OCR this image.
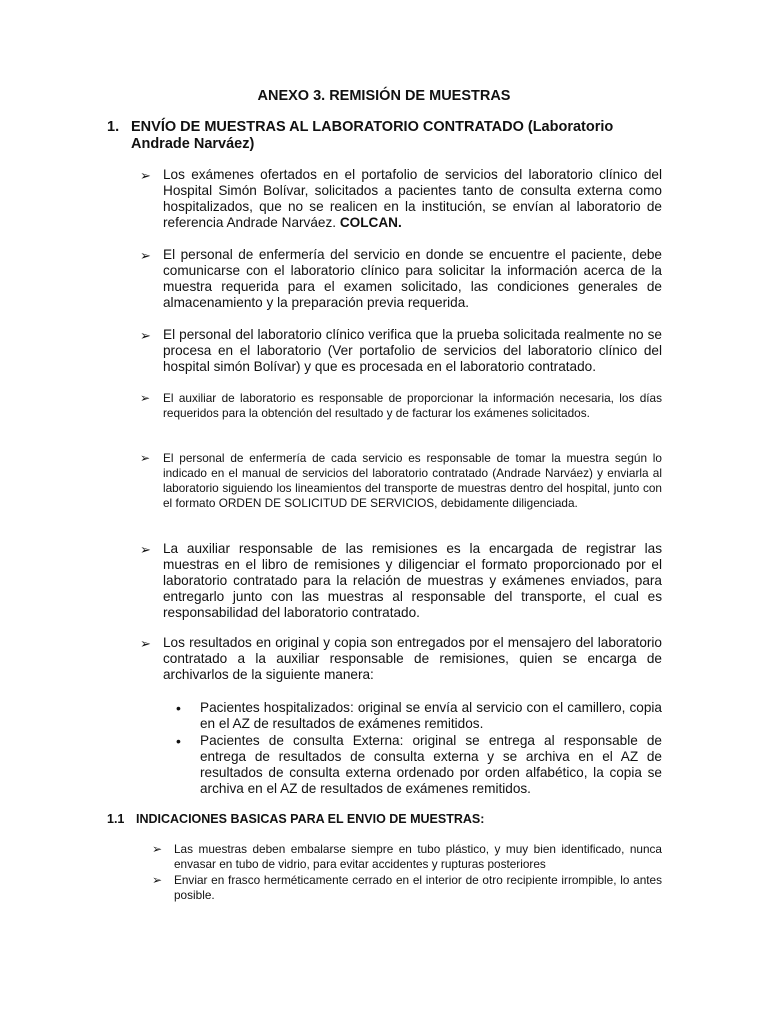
ANEXO 3. REMISIÓN DE MUESTRAS
1. ENVÍO DE MUESTRAS AL LABORATORIO CONTRATADO (Laboratorio Andrade Narváez)
➢ Los exámenes ofertados en el portafolio de servicios del laboratorio clínico del Hospital Simón Bolívar, solicitados a pacientes tanto de consulta externa como hospitalizados, que no se realicen en la institución, se envían al laboratorio de referencia Andrade Narváez. COLCAN.
➢ El personal de enfermería del servicio en donde se encuentre el paciente, debe comunicarse con el laboratorio clínico para solicitar la información acerca de la muestra requerida para el examen solicitado, las condiciones generales de almacenamiento y la preparación previa requerida.
➢ El personal del laboratorio clínico verifica que la prueba solicitada realmente no se procesa en el laboratorio (Ver portafolio de servicios del laboratorio clínico del hospital simón Bolívar) y que es procesada en el laboratorio contratado.
➢ El auxiliar de laboratorio es responsable de proporcionar la información necesaria, los días requeridos para la obtención del resultado y de facturar los exámenes solicitados.
➢ El personal de enfermería de cada servicio es responsable de tomar la muestra según lo indicado en el manual de servicios del laboratorio contratado (Andrade Narváez) y enviarla al laboratorio siguiendo los lineamientos del transporte de muestras dentro del hospital, junto con el formato ORDEN DE SOLICITUD DE SERVICIOS, debidamente diligenciada.
➢ La auxiliar responsable de las remisiones es la encargada de registrar las muestras en el libro de remisiones y diligenciar el formato proporcionado por el laboratorio contratado para la relación de muestras y exámenes enviados, para entregarlo junto con las muestras al responsable del transporte, el cual es responsabilidad del laboratorio contratado.
➢ Los resultados en original y copia son entregados por el mensajero del laboratorio contratado a la auxiliar responsable de remisiones, quien se encarga de archivarlos de la siguiente manera:
• Pacientes hospitalizados: original se envía al servicio con el camillero, copia en el AZ de resultados de exámenes remitidos.
• Pacientes de consulta Externa: original se entrega al responsable de entrega de resultados de consulta externa y se archiva en el AZ de resultados de consulta externa ordenado por orden alfabético, la copia se archiva en el AZ de resultados de exámenes remitidos.
1.1 INDICACIONES BASICAS PARA EL ENVIO DE MUESTRAS:
➢ Las muestras deben embalarse siempre en tubo plástico, y muy bien identificado, nunca envasar en tubo de vidrio, para evitar accidentes y rupturas posteriores
➢ Enviar en frasco herméticamente cerrado en el interior de otro recipiente irrompible, lo antes posible.
